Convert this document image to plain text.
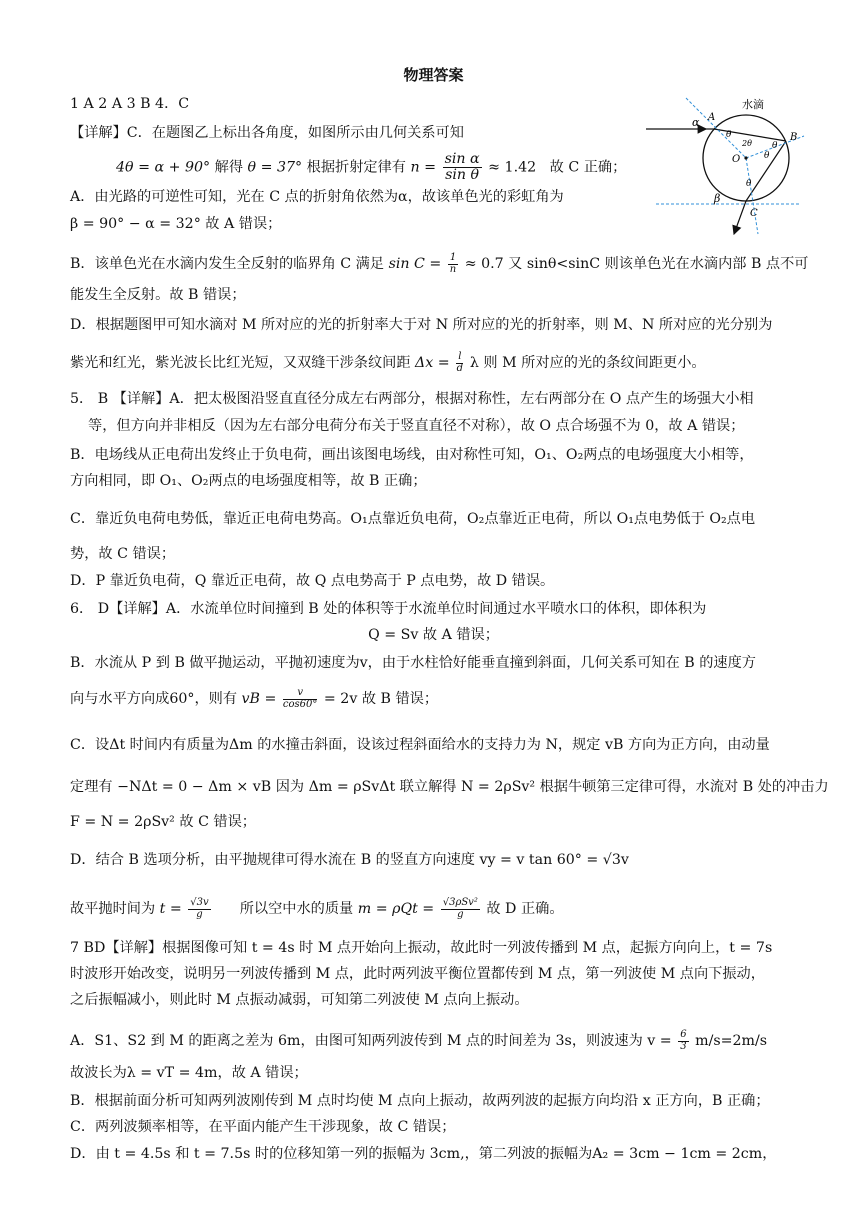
物理答案
1 A 2 A 3 B 4．C
【详解】C．在题图乙上标出各角度，如图所示由几何关系可知
4θ = α + 90° 解得 θ = 37° 根据折射定律有 $n = \frac{\text{sin α}}{\text{sin θ}} \approx 1.42$ 故 C 正确；
A．由光路的可逆性可知，光在 C 点的折射角依然为α，故该单色光的彩虹角为
β = 90° − α = 32° 故 A 错误；
B．该单色光在水滴内发生全反射的临界角 C 满足 $\sin C = \frac{1}{n} \approx 0.7$ 又 sinθ<sinC 则该单色光在水滴内部 B 点不可
能发生全反射。故 B 错误；
D．根据题图甲可知水滴对 M 所对应的光的折射率大于对 N 所对应的光的折射率，则 M、N 所对应的光分别为
紫光和红光，紫光波长比红光短，又双缝干涉条纹间距 $\Delta x = \frac{l}{d}$ λ 则 M 所对应的光的条纹间距更小。
5． B 【详解】A．把太极图沿竖直直径分成左右两部分，根据对称性，左右两部分在 O 点产生的场强大小相
等，但方向并非相反（因为左右部分电荷分布关于竖直直径不对称），故 O 点合场强不为 0，故 A 错误；
B．电场线从正电荷出发终止于负电荷，画出该图电场线，由对称性可知，O₁、O₂两点的电场强度大小相等，
方向相同，即 O₁、O₂两点的电场强度相等，故 B 正确；
C．靠近负电荷电势低，靠近正电荷电势高。O₁点靠近负电荷，O₂点靠近正电荷，所以 O₁点电势低于 O₂点电
势，故 C 错误；
D．P 靠近负电荷，Q 靠近正电荷，故 Q 点电势高于 P 点电势，故 D 错误。
6． D【详解】A．水流单位时间撞到 B 处的体积等于水流单位时间通过水平喷水口的体积，即体积为
Q = Sv 故 A 错误；
B．水流从 P 到 B 做平抛运动，平抛初速度为v，由于水柱恰好能垂直撞到斜面，几何关系可知在 B 的速度方
向与水平方向成60°，则有 vB = $\frac{v}{\cos 60^\circ} = 2v$ 故 B 错误；
C．设Δt 时间内有质量为Δm 的水撞击斜面，设该过程斜面给水的支持力为 N，规定 vB 方向为正方向，由动量
定理有 −NΔt = 0 − Δm × vB 因为 Δm = ρSvΔt 联立解得 N = 2ρSv² 根据牛顿第三定律可得，水流对 B 处的冲击力
F = N = 2ρSv² 故 C 错误；
D．结合 B 选项分析，由平抛规律可得水流在 B 的竖直方向速度 vy = v tan 60° = √3v
故平抛时间为 $t = \frac{√3v}{g}$ 所以空中水的质量 $m = \rho Qt = \frac{\text{√3ρSv²}}{g}$ 故 D 正确。
7 BD【详解】根据图像可知 t = 4s 时 M 点开始向上振动，故此时一列波传播到 M 点，起振方向向上，t = 7s
时波形开始改变，说明另一列波传播到 M 点，此时两列波平衡位置都传到 M 点，第一列波使 M 点向下振动，
之后振幅减小，则此时 M 点振动减弱，可知第二列波使 M 点向上振动。
A．S1、S2 到 M 的距离之差为 6m，由图可知两列波传到 M 点的时间差为 3s，则波速为 $v = \frac{6}{3} m/s=2m/s$
故波长为λ = vT = 4m，故 A 错误；
B．根据前面分析可知两列波刚传到 M 点时均使 M 点向上振动，故两列波的起振方向均沿 x 正方向，B 正确；
C．两列波频率相等，在平面内能产生干涉现象，故 C 错误；
D．由 t = 4.5s 和 t = 7.5s 时的位移知第一列的振幅为 3cm,，第二列波的振幅为A₂ = 3cm − 1cm = 2cm，
水滴
α A
θ
2θ
O
B
θ
θ
θ
β
C
